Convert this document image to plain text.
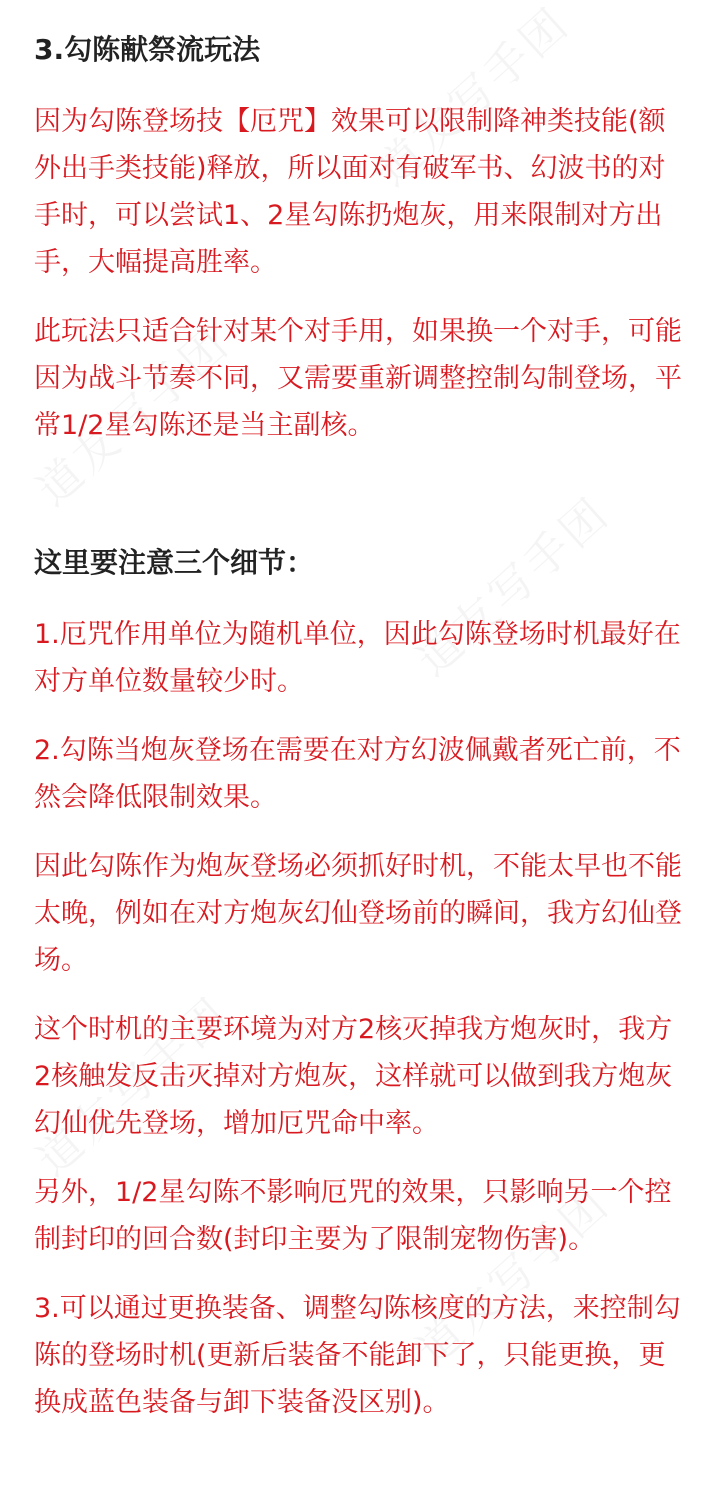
3.勾陈献祭流玩法

因为勾陈登场技【厄咒】效果可以限制降神类技能(额外出手类技能)释放，所以面对有破军书、幻波书的对手时，可以尝试1、2星勾陈扔炮灰，用来限制对方出手，大幅提高胜率。

此玩法只适合针对某个对手用，如果换一个对手，可能因为战斗节奏不同，又需要重新调整控制勾制登场，平常1/2星勾陈还是当主副核。

这里要注意三个细节：

1.厄咒作用单位为随机单位，因此勾陈登场时机最好在对方单位数量较少时。

2.勾陈当炮灰登场在需要在对方幻波佩戴者死亡前，不然会降低限制效果。

因此勾陈作为炮灰登场必须抓好时机，不能太早也不能太晚，例如在对方炮灰幻仙登场前的瞬间，我方幻仙登场。

这个时机的主要环境为对方2核灭掉我方炮灰时，我方2核触发反击灭掉对方炮灰，这样就可以做到我方炮灰幻仙优先登场，增加厄咒命中率。

另外，1/2星勾陈不影响厄咒的效果，只影响另一个控制封印的回合数(封印主要为了限制宠物伤害)。

3.可以通过更换装备、调整勾陈核度的方法，来控制勾陈的登场时机(更新后装备不能卸下了，只能更换，更换成蓝色装备与卸下装备没区别)。
